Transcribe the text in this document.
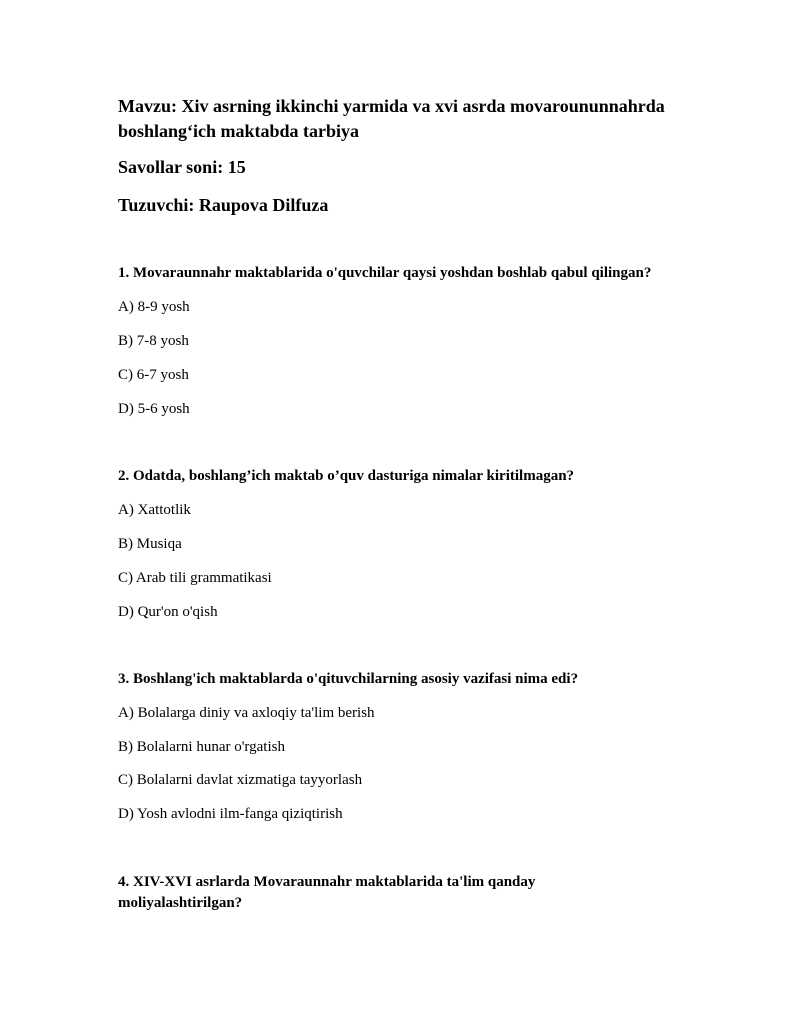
Mavzu: Xiv asrning ikkinchi yarmida va xvi asrda movaroununnahrda boshlang‘ich maktabda tarbiya

Savollar soni: 15

Tuzuvchi: Raupova Dilfuza

1. Movaraunnahr maktablarida o'quvchilar qaysi yoshdan boshlab qabul qilingan?

A) 8-9 yosh

B) 7-8 yosh

C) 6-7 yosh

D) 5-6 yosh

2. Odatda, boshlang’ich maktab o’quv dasturiga nimalar kiritilmagan?

A) Xattotlik

B) Musiqa

C) Arab tili grammatikasi

D) Qur'on o'qish

3. Boshlang'ich maktablarda o'qituvchilarning asosiy vazifasi nima edi?

A) Bolalarga diniy va axloqiy ta'lim berish

B) Bolalarni hunar o'rgatish

C) Bolalarni davlat xizmatiga tayyorlash

D) Yosh avlodni ilm-fanga qiziqtirish

4. XIV-XVI asrlarda Movaraunnahr maktablarida ta'lim qanday moliyalashtirilgan?
